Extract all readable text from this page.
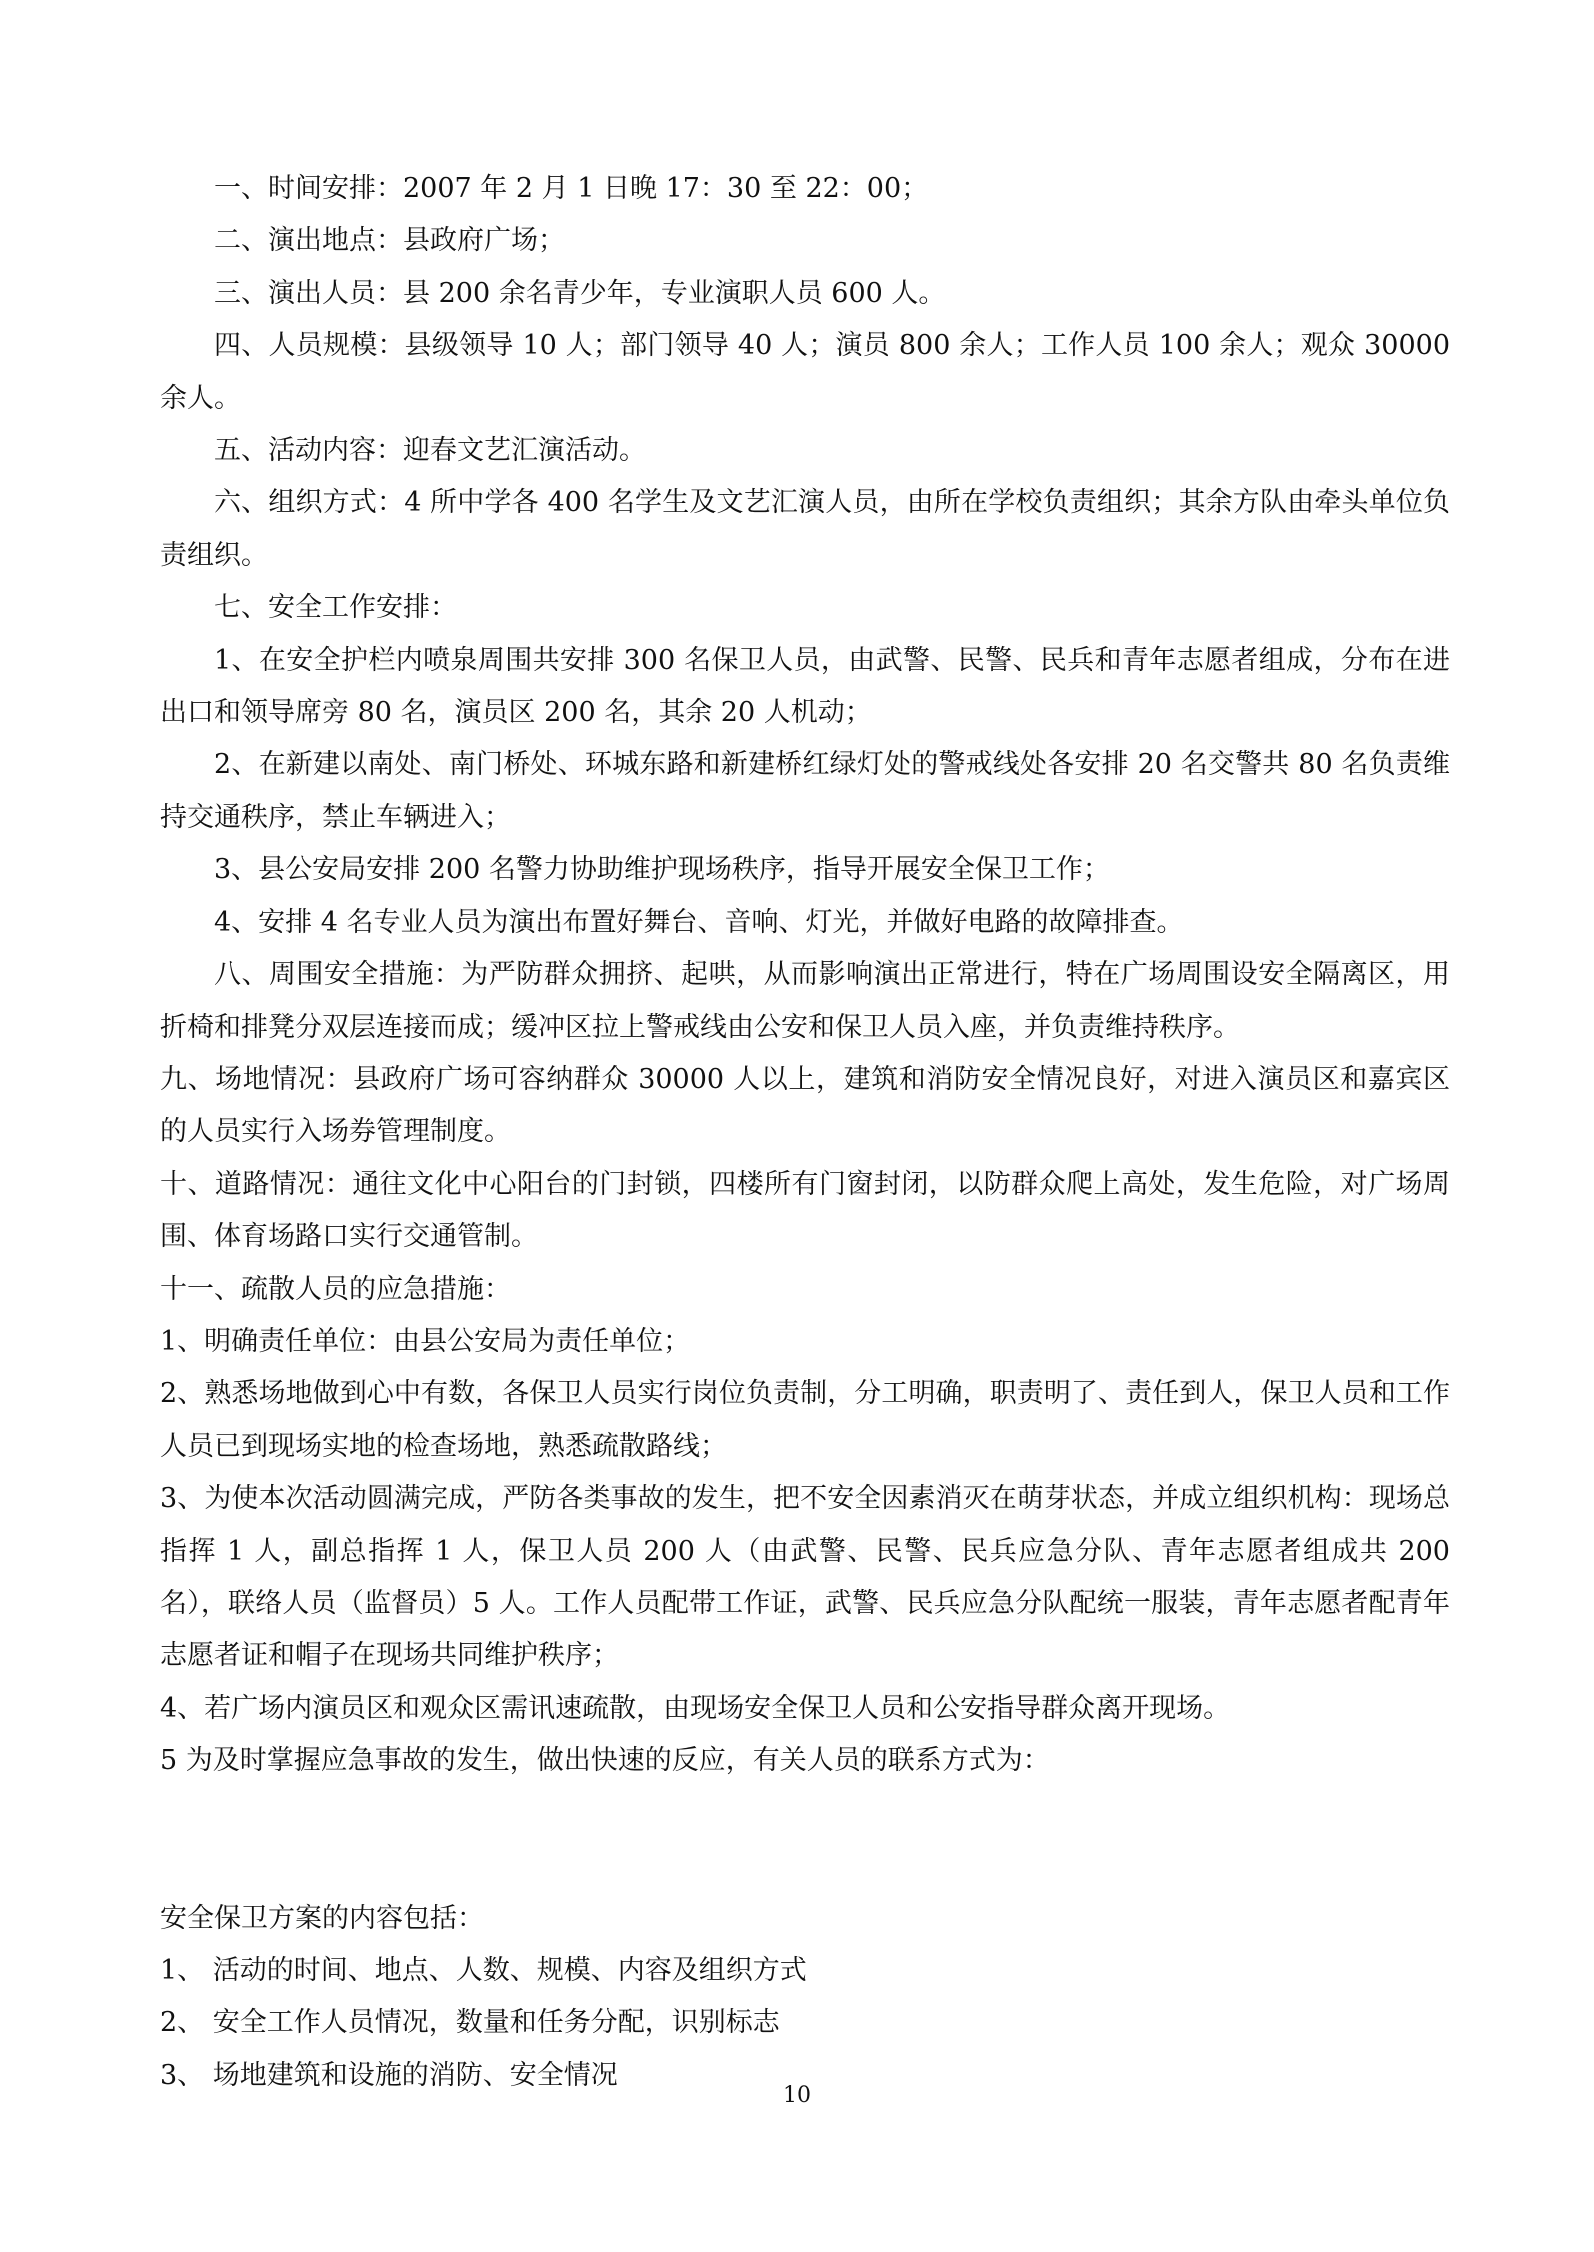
一、时间安排：2007 年 2 月 1 日晚 17：30 至 22：00；

二、演出地点：县政府广场；

三、演出人员：县 200 余名青少年，专业演职人员 600 人。

四、人员规模：县级领导 10 人；部门领导 40 人；演员 800 余人；工作人员 100 余人；观众 30000 余人。

五、活动内容：迎春文艺汇演活动。

六、组织方式：4 所中学各 400 名学生及文艺汇演人员，由所在学校负责组织；其余方队由牵头单位负责组织。

七、安全工作安排：

1、在安全护栏内喷泉周围共安排 300 名保卫人员，由武警、民警、民兵和青年志愿者组成，分布在进出口和领导席旁 80 名，演员区 200 名，其余 20 人机动；

2、在新建以南处、南门桥处、环城东路和新建桥红绿灯处的警戒线处各安排 20 名交警共 80 名负责维持交通秩序，禁止车辆进入；

3、县公安局安排 200 名警力协助维护现场秩序，指导开展安全保卫工作；

4、安排 4 名专业人员为演出布置好舞台、音响、灯光，并做好电路的故障排查。

八、周围安全措施：为严防群众拥挤、起哄，从而影响演出正常进行，特在广场周围设安全隔离区，用折椅和排凳分双层连接而成；缓冲区拉上警戒线由公安和保卫人员入座，并负责维持秩序。

九、场地情况：县政府广场可容纳群众 30000 人以上，建筑和消防安全情况良好，对进入演员区和嘉宾区的人员实行入场券管理制度。

十、道路情况：通往文化中心阳台的门封锁，四楼所有门窗封闭，以防群众爬上高处，发生危险，对广场周围、体育场路口实行交通管制。

十一、疏散人员的应急措施：

1、明确责任单位：由县公安局为责任单位；

2、熟悉场地做到心中有数，各保卫人员实行岗位负责制，分工明确，职责明了、责任到人，保卫人员和工作人员已到现场实地的检查场地，熟悉疏散路线；

3、为使本次活动圆满完成，严防各类事故的发生，把不安全因素消灭在萌芽状态，并成立组织机构：现场总指挥 1 人，副总指挥 1 人，保卫人员 200 人（由武警、民警、民兵应急分队、青年志愿者组成共 200 名），联络人员（监督员）5 人。工作人员配带工作证，武警、民兵应急分队配统一服装，青年志愿者配青年志愿者证和帽子在现场共同维护秩序；

4、若广场内演员区和观众区需讯速疏散，由现场安全保卫人员和公安指导群众离开现场。

5 为及时掌握应急事故的发生，做出快速的反应，有关人员的联系方式为：

安全保卫方案的内容包括：

1、 活动的时间、地点、人数、规模、内容及组织方式

2、 安全工作人员情况，数量和任务分配，识别标志

3、 场地建筑和设施的消防、安全情况

10
